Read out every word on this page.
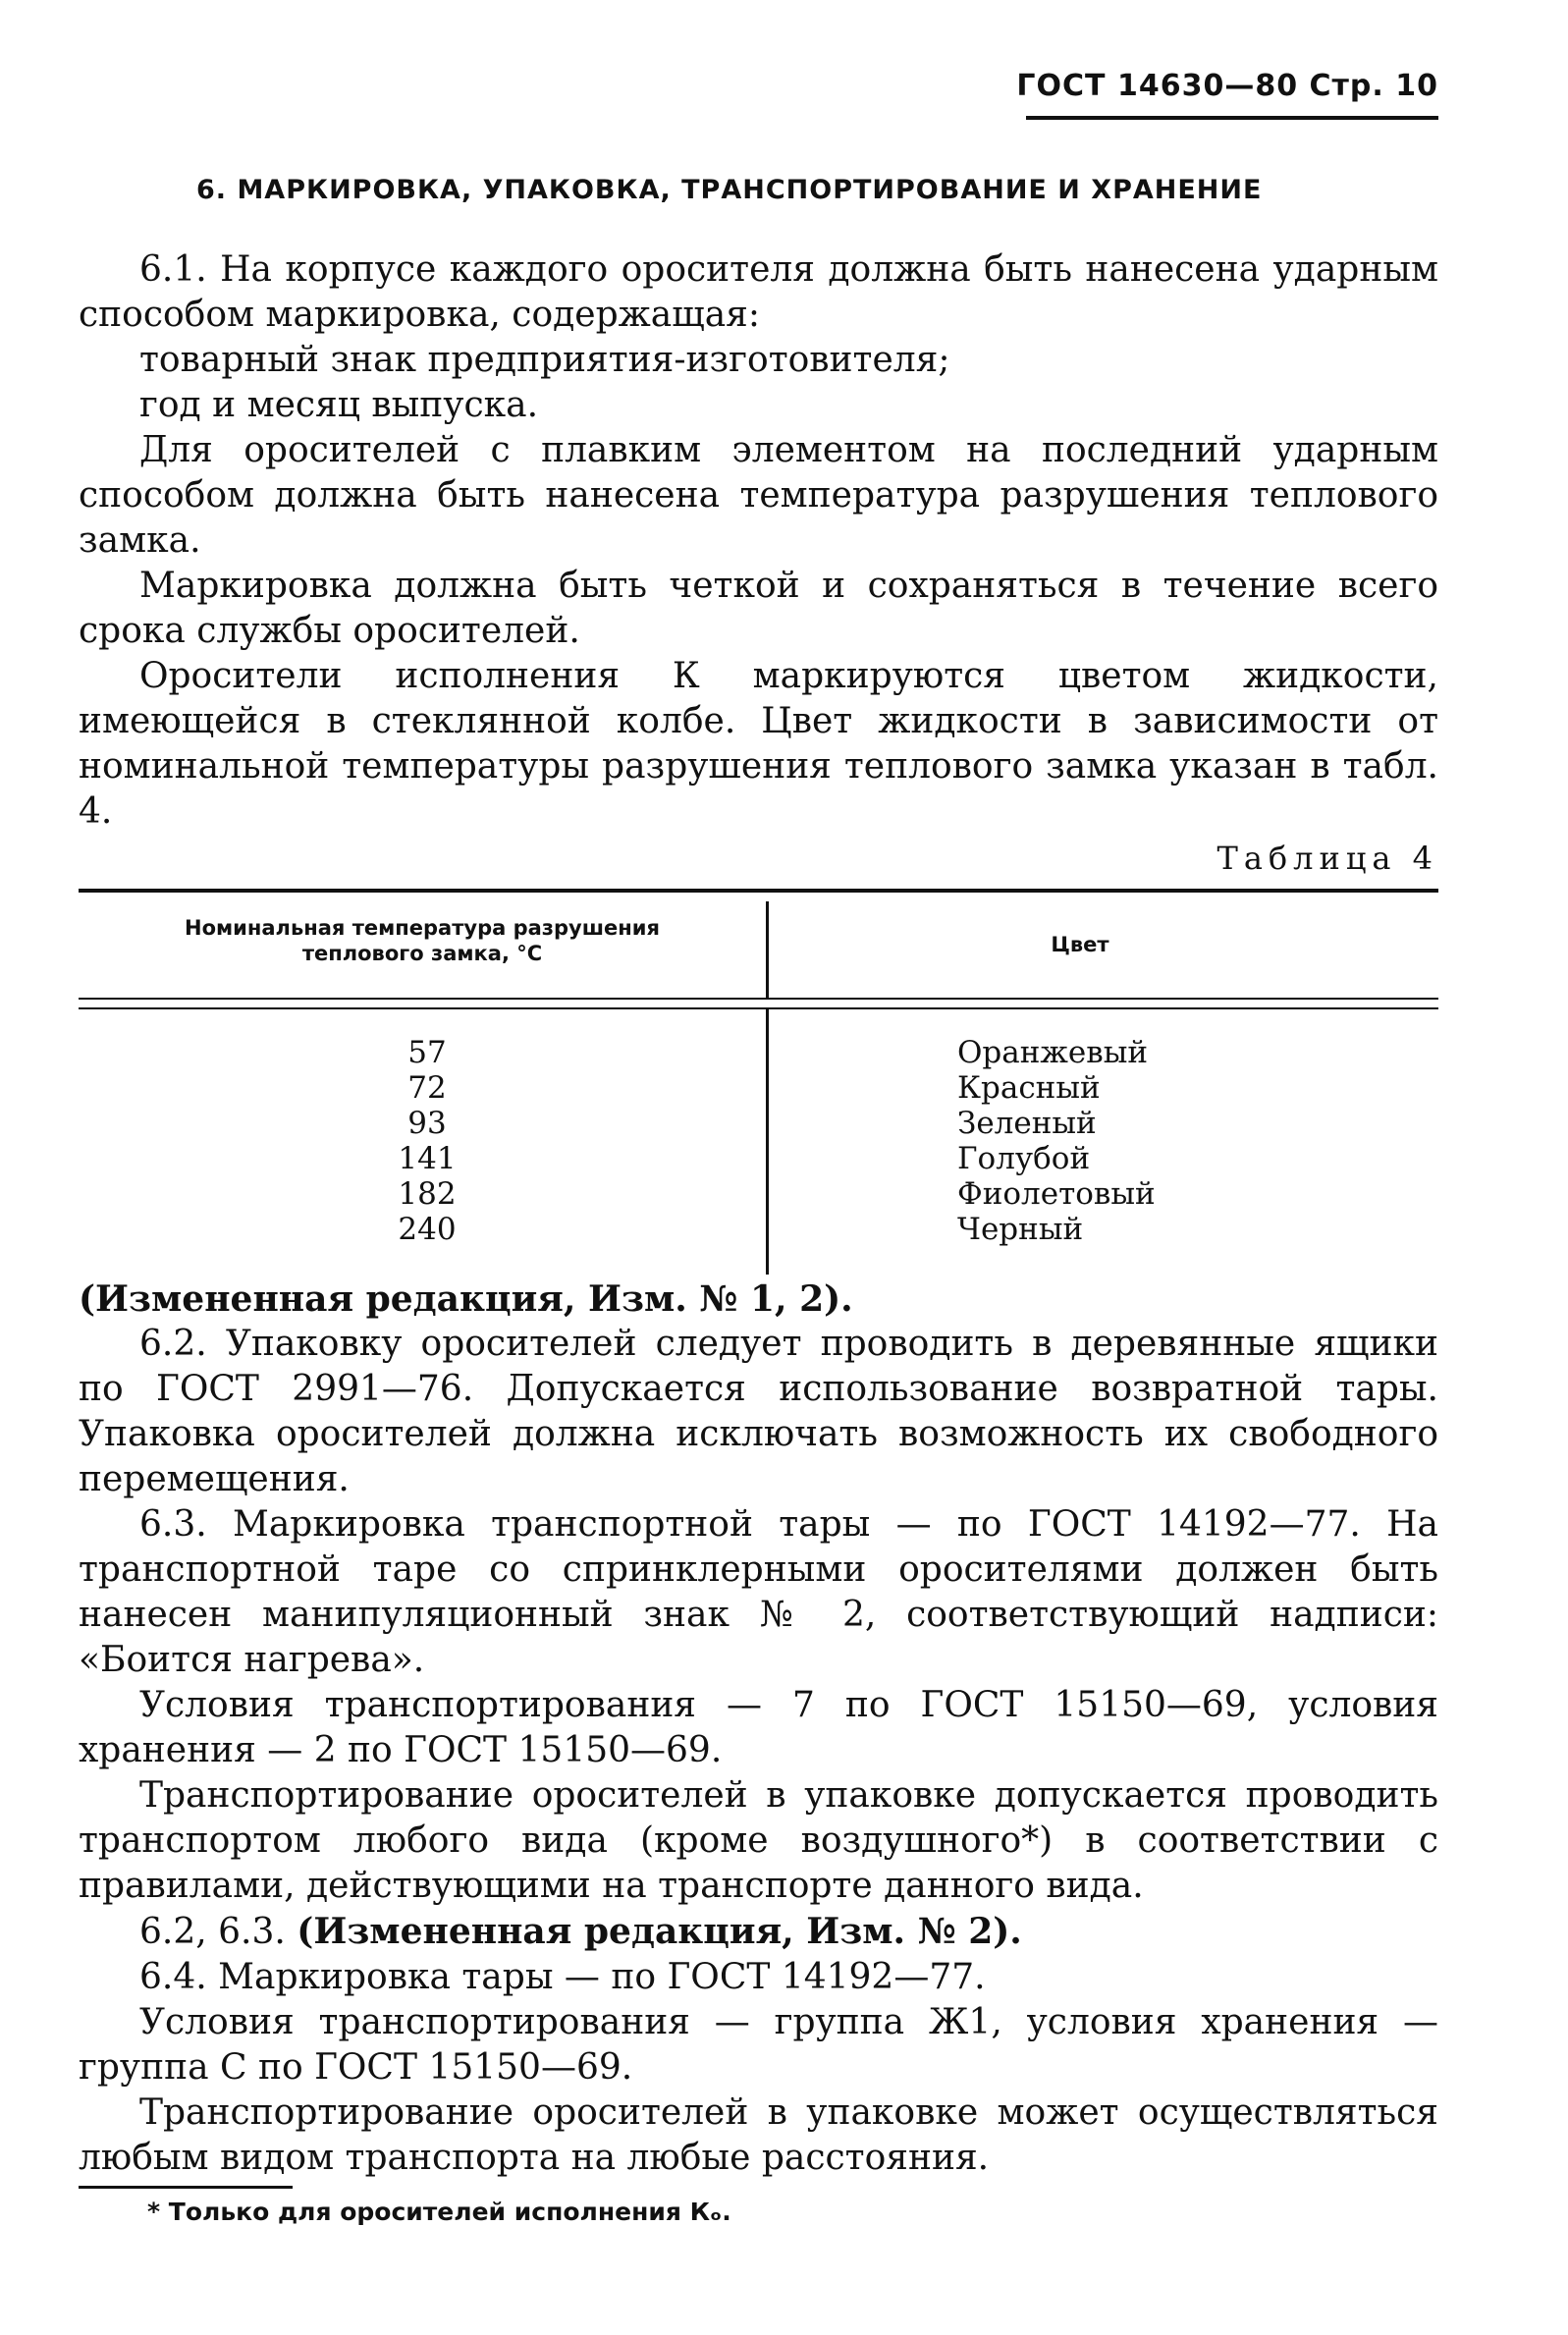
ГОСТ 14630—80 Стр. 10
6. МАРКИРОВКА, УПАКОВКА, ТРАНСПОРТИРОВАНИЕ И ХРАНЕНИЕ

6.1. На корпусе каждого оросителя должна быть нанесена ударным способом маркировка, содержащая:

товарный знак предприятия-изготовителя;

год и месяц выпуска.

Для оросителей с плавким элементом на последний ударным способом должна быть нанесена температура разрушения теплового замка.

Маркировка должна быть четкой и сохраняться в течение всего срока службы оросителей.

Оросители исполнения К маркируются цветом жидкости, имеющейся в стеклянной колбе. Цвет жидкости в зависимости от номинальной температуры разрушения теплового замка указан в табл. 4.

Таблица 4
Номинальная температура разрушения теплового замка, °С	Цвет
57
72
93
141
182
240
Оранжевый
Красный
Зеленый
Голубой
Фиолетовый
Черный

(Измененная редакция, Изм. № 1, 2).

6.2. Упаковку оросителей следует проводить в деревянные ящики по ГОСТ 2991—76. Допускается использование возвратной тары. Упаковка оросителей должна исключать возможность их свободного перемещения.

6.3. Маркировка транспортной тары — по ГОСТ 14192—77. На транспортной таре со спринклерными оросителями должен быть нанесен манипуляционный знак № 2, соответствующий надписи: «Боится нагрева».

Условия транспортирования — 7 по ГОСТ 15150—69, условия хранения — 2 по ГОСТ 15150—69.

Транспортирование оросителей в упаковке допускается проводить транспортом любого вида (кроме воздушного*) в соответствии с правилами, действующими на транспорте данного вида.

6.2, 6.3. (Измененная редакция, Изм. № 2).

6.4. Маркировка тары — по ГОСТ 14192—77.

Условия транспортирования — группа Ж1, условия хранения — группа С по ГОСТ 15150—69.

Транспортирование оросителей в упаковке может осуществляться любым видом транспорта на любые расстояния.

* Только для оросителей исполнения Кₒ.
